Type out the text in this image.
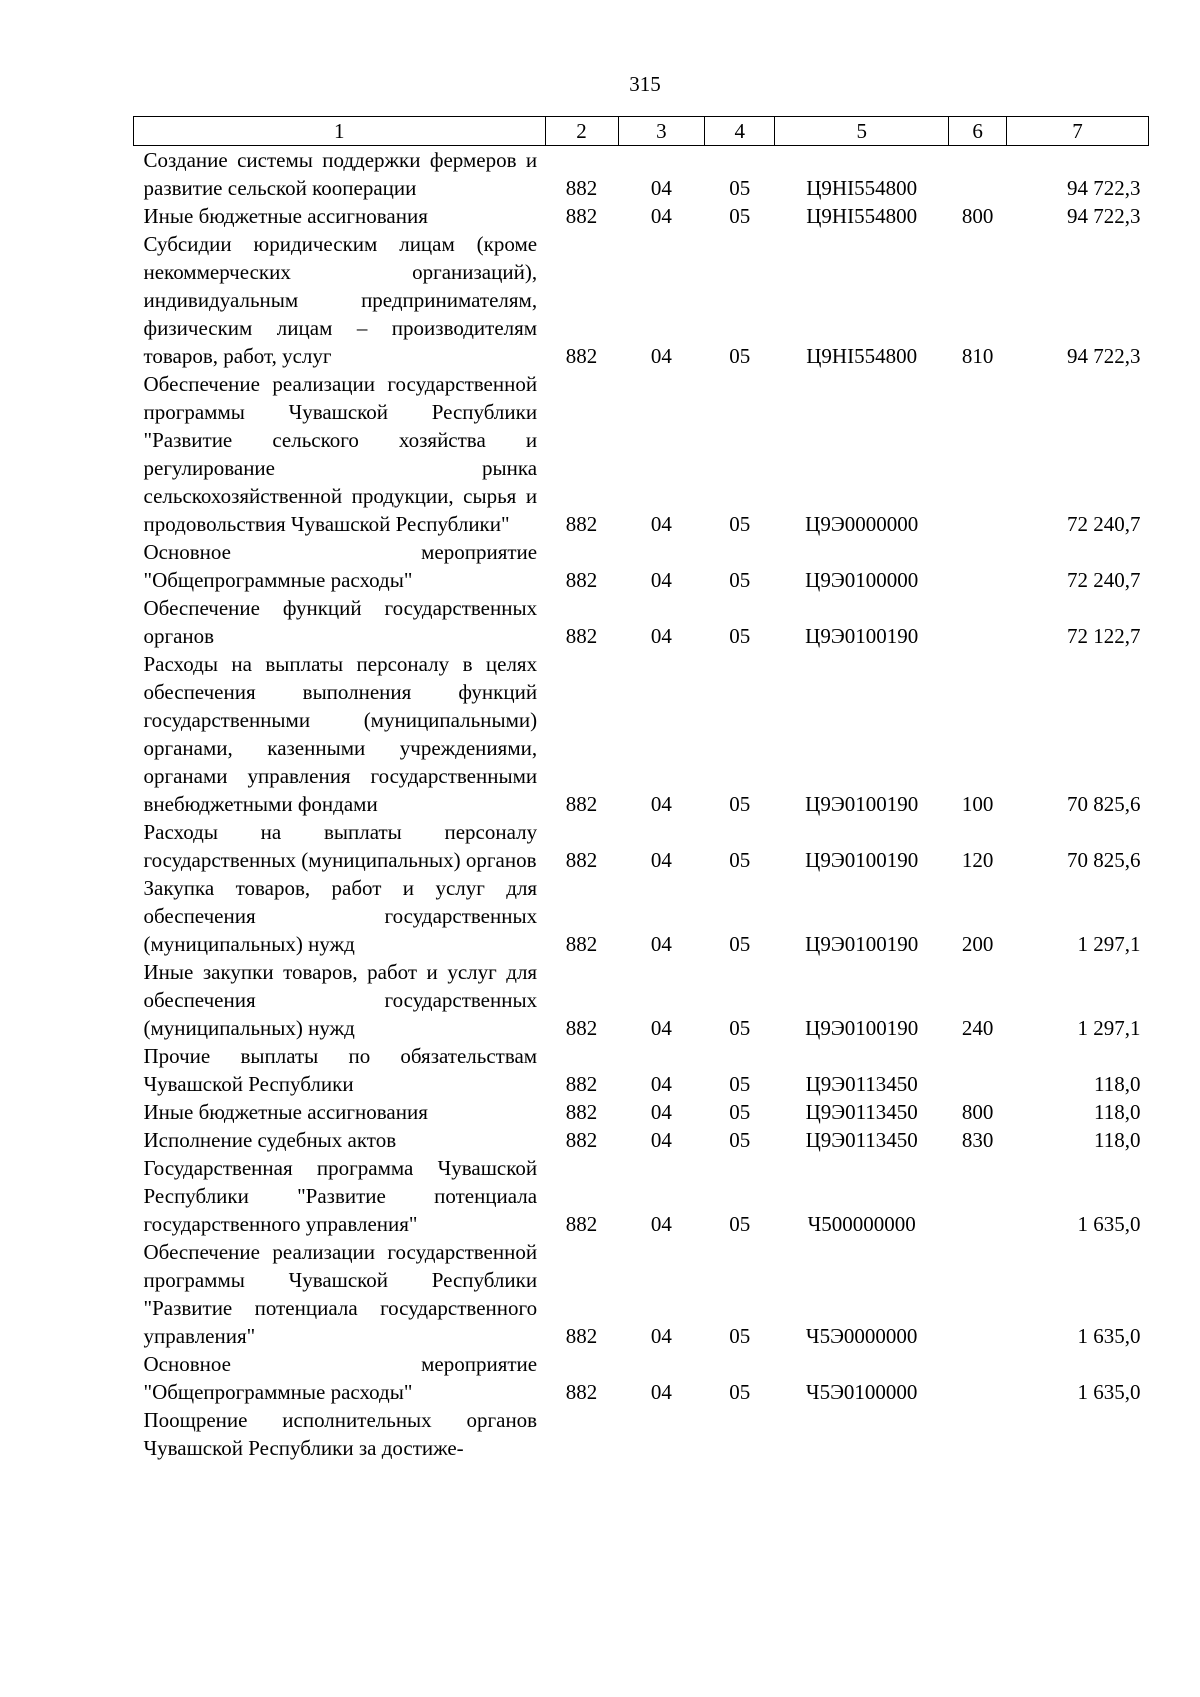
315
1	2	3	4	5	6	7
Создание системы поддержки фермеров и развитие сельской кооперации	882	04	05	Ц9НI554800		94 722,3
Иные бюджетные ассигнования	882	04	05	Ц9НI554800	800	94 722,3
Субсидии юридическим лицам (кроме некоммерческих организаций), индивидуальным предпринимателям, физическим лицам – производителям товаров, работ, услуг	882	04	05	Ц9НI554800	810	94 722,3
Обеспечение реализации государственной программы Чувашской Республики "Развитие сельского хозяйства и регулирование рынка сельскохозяйственной продукции, сырья и продовольствия Чувашской Республики"	882	04	05	Ц9Э0000000		72 240,7
Основное мероприятие "Общепрограммные расходы"	882	04	05	Ц9Э0100000		72 240,7
Обеспечение функций государственных органов	882	04	05	Ц9Э0100190		72 122,7
Расходы на выплаты персоналу в целях обеспечения выполнения функций государственными (муниципальными) органами, казенными учреждениями, органами управления государственными внебюджетными фондами	882	04	05	Ц9Э0100190	100	70 825,6
Расходы на выплаты персоналу государственных (муниципальных) органов	882	04	05	Ц9Э0100190	120	70 825,6
Закупка товаров, работ и услуг для обеспечения государственных (муниципальных) нужд	882	04	05	Ц9Э0100190	200	1 297,1
Иные закупки товаров, работ и услуг для обеспечения государственных (муниципальных) нужд	882	04	05	Ц9Э0100190	240	1 297,1
Прочие выплаты по обязательствам Чувашской Республики	882	04	05	Ц9Э0113450		118,0
Иные бюджетные ассигнования	882	04	05	Ц9Э0113450	800	118,0
Исполнение судебных актов	882	04	05	Ц9Э0113450	830	118,0
Государственная программа Чувашской Республики "Развитие потенциала государственного управления"	882	04	05	Ч500000000		1 635,0
Обеспечение реализации государственной программы Чувашской Республики "Развитие потенциала государственного управления"	882	04	05	Ч5Э0000000		1 635,0
Основное мероприятие "Общепрограммные расходы"	882	04	05	Ч5Э0100000		1 635,0
Поощрение исполнительных органов Чувашской Республики за достиже-						
